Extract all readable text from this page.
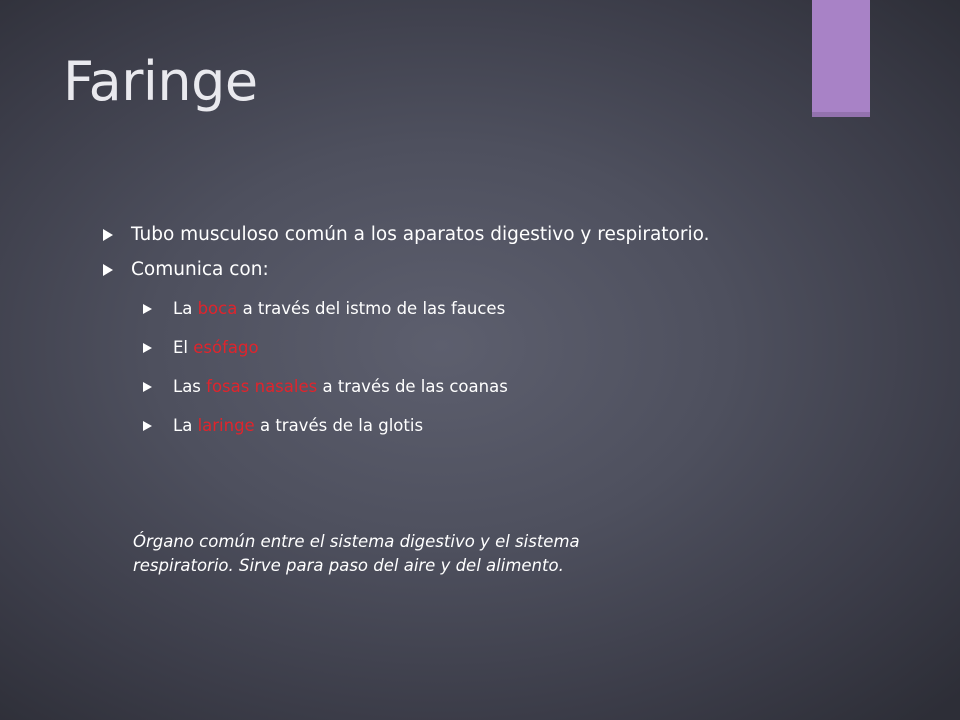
Faringe
Tubo musculoso común a los aparatos digestivo y respiratorio.
Comunica con:
La boca a través del istmo de las fauces
El esófago
Las fosas nasales a través de las coanas
La laringe a través de la glotis

Órgano común entre el sistema digestivo y el sistema
respiratorio. Sirve para paso del aire y del alimento.
